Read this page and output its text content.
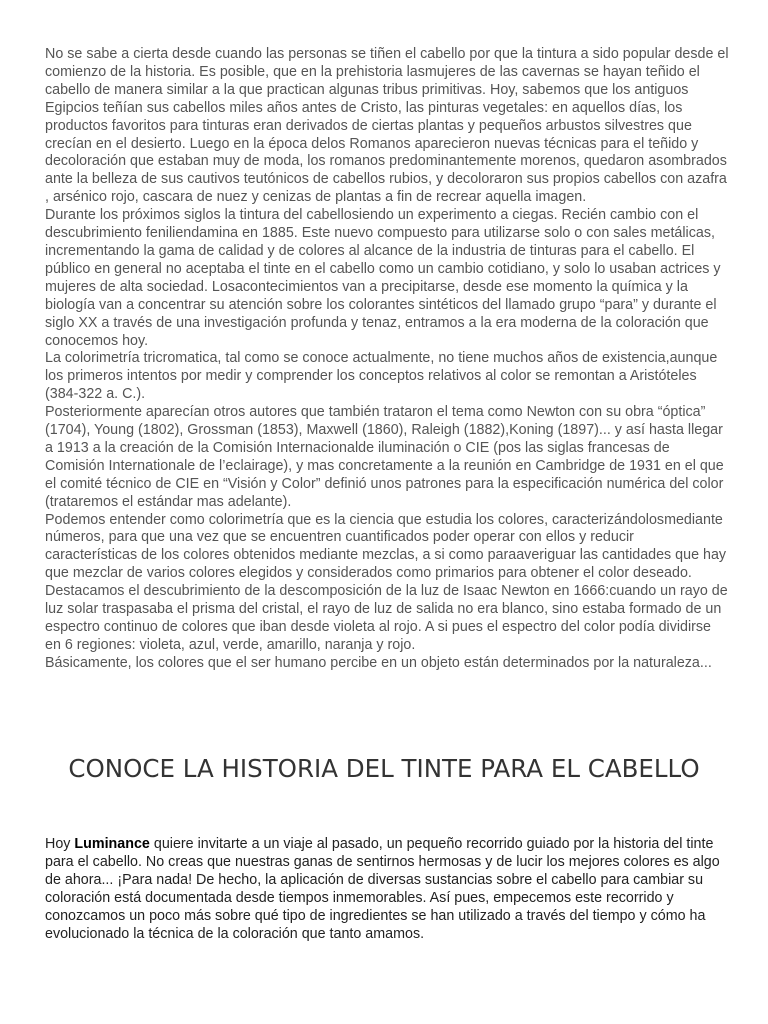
No se sabe a cierta desde cuando las personas se tiñen el cabello por que la tintura a sido popular desde el comienzo de la historia. Es posible, que en la prehistoria lasmujeres de las cavernas se hayan teñido el cabello de manera similar a la que practican algunas tribus primitivas. Hoy, sabemos que los antiguos Egipcios teñían sus cabellos miles años antes de Cristo, las pinturas vegetales: en aquellos días, los productos favoritos para tinturas eran derivados de ciertas plantas y pequeños arbustos silvestres que crecían en el desierto. Luego en la época delos Romanos aparecieron nuevas técnicas para el teñido y decoloración que estaban muy de moda, los romanos predominantemente morenos, quedaron asombrados ante la belleza de sus cautivos teutónicos de cabellos rubios, y decoloraron sus propios cabellos con azafra , arsénico rojo, cascara de nuez y cenizas de plantas a fin de recrear aquella imagen.

Durante los próximos siglos la tintura del cabellosiendo un experimento a ciegas. Recién cambio con el descubrimiento feniliendamina en 1885. Este nuevo compuesto para utilizarse solo o con sales metálicas, incrementando la gama de calidad y de colores al alcance de la industria de tinturas para el cabello. El público en general no aceptaba el tinte en el cabello como un cambio cotidiano, y solo lo usaban actrices y mujeres de alta sociedad. Losacontecimientos van a precipitarse, desde ese momento la química y la biología van a concentrar su atención sobre los colorantes sintéticos del llamado grupo “para” y durante el siglo XX a través de una investigación profunda y tenaz, entramos a la era moderna de la coloración que conocemos hoy.

La colorimetría tricromatica, tal como se conoce actualmente, no tiene muchos años de existencia,aunque los primeros intentos por medir y comprender los conceptos relativos al color se remontan a Aristóteles (384-322 a. C.).

Posteriormente aparecían otros autores que también trataron el tema como Newton con su obra “óptica” (1704), Young (1802), Grossman (1853), Maxwell (1860), Raleigh (1882),Koning (1897)... y así hasta llegar a 1913 a la creación de la Comisión Internacionalde iluminación o CIE (pos las siglas francesas de Comisión Internationale de l’eclairage), y mas concretamente a la reunión en Cambridge de 1931 en el que el comité técnico de CIE en “Visión y Color” definió unos patrones para la especificación numérica del color (trataremos el estándar mas adelante).

Podemos entender como colorimetría que es la ciencia que estudia los colores, caracterizándolosmediante números, para que una vez que se encuentren cuantificados poder operar con ellos y reducir características de los colores obtenidos mediante mezclas, a si como paraaveriguar las cantidades que hay que mezclar de varios colores elegidos y considerados como primarios para obtener el color deseado.

Destacamos el descubrimiento de la descomposición de la luz de Isaac Newton en 1666:cuando un rayo de luz solar traspasaba el prisma del cristal, el rayo de luz de salida no era blanco, sino estaba formado de un espectro continuo de colores que iban desde violeta al rojo. A si pues el espectro del color podía dividirse en 6 regiones: violeta, azul, verde, amarillo, naranja y rojo.

Básicamente, los colores que el ser humano percibe en un objeto están determinados por la naturaleza...

CONOCE LA HISTORIA DEL TINTE PARA EL CABELLO

Hoy Luminance quiere invitarte a un viaje al pasado, un pequeño recorrido guiado por la historia del tinte para el cabello. No creas que nuestras ganas de sentirnos hermosas y de lucir los mejores colores es algo de ahora... ¡Para nada! De hecho, la aplicación de diversas sustancias sobre el cabello para cambiar su coloración está documentada desde tiempos inmemorables. Así pues, empecemos este recorrido y conozcamos un poco más sobre qué tipo de ingredientes se han utilizado a través del tiempo y cómo ha evolucionado la técnica de la coloración que tanto amamos.
